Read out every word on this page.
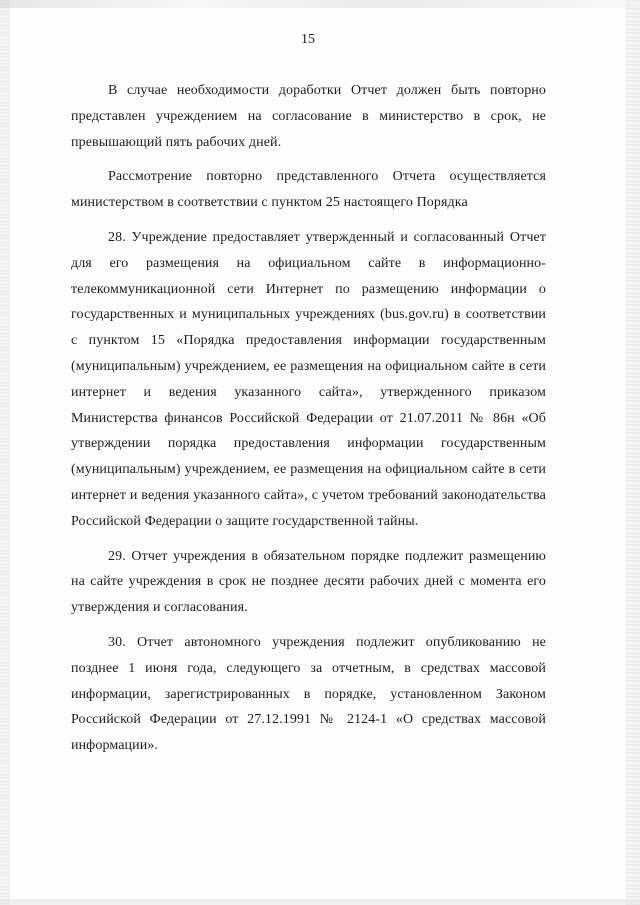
15

В случае необходимости доработки Отчет должен быть повторно представлен учреждением на согласование в министерство в срок, не превышающий пять рабочих дней.

Рассмотрение повторно представленного Отчета осуществляется министерством в соответствии с пунктом 25 настоящего Порядка

28. Учреждение предоставляет утвержденный и согласованный Отчет для его размещения на официальном сайте в информационно-телекоммуникационной сети Интернет по размещению информации о государственных и муниципальных учреждениях (bus.gov.ru) в соответствии с пунктом 15 «Порядка предоставления информации государственным (муниципальным) учреждением, ее размещения на официальном сайте в сети интернет и ведения указанного сайта», утвержденного приказом Министерства финансов Российской Федерации от 21.07.2011 № 86н «Об утверждении порядка предоставления информации государственным (муниципальным) учреждением, ее размещения на официальном сайте в сети интернет и ведения указанного сайта», с учетом требований законодательства Российской Федерации о защите государственной тайны.

29. Отчет учреждения в обязательном порядке подлежит размещению на сайте учреждения в срок не позднее десяти рабочих дней с момента его утверждения и согласования.

30. Отчет автономного учреждения подлежит опубликованию не позднее 1 июня года, следующего за отчетным, в средствах массовой информации, зарегистрированных в порядке, установленном Законом Российской Федерации от 27.12.1991 № 2124-1 «О средствах массовой информации».
